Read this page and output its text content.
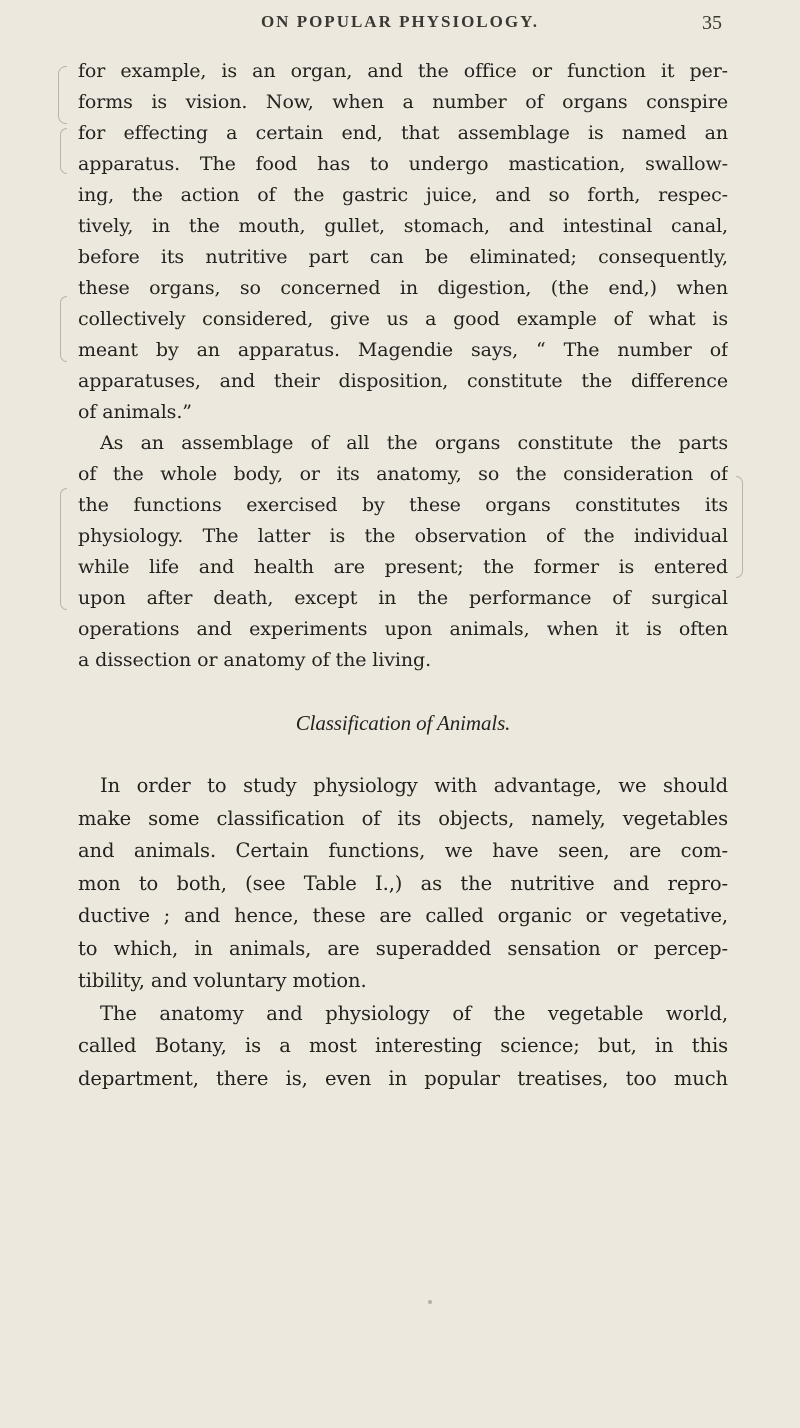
ON POPULAR PHYSIOLOGY.	35
for example, is an organ, and the office or function it per-
forms is vision. Now, when a number of organs conspire
for effecting a certain end, that assemblage is named an
apparatus. The food has to undergo mastication, swallow-
ing, the action of the gastric juice, and so forth, respec-
tively, in the mouth, gullet, stomach, and intestinal canal,
before its nutritive part can be eliminated; consequently,
these organs, so concerned in digestion, (the end,) when
collectively considered, give us a good example of what is
meant by an apparatus. Magendie says, “ The number of
apparatuses, and their disposition, constitute the difference
of animals.”
As an assemblage of all the organs constitute the parts
of the whole body, or its anatomy, so the consideration of
the functions exercised by these organs constitutes its
physiology. The latter is the observation of the individual
while life and health are present; the former is entered
upon after death, except in the performance of surgical
operations and experiments upon animals, when it is often
a dissection or anatomy of the living.
Classification of Animals.
In order to study physiology with advantage, we should
make some classification of its objects, namely, vegetables
and animals. Certain functions, we have seen, are com-
mon to both, (see Table I.,) as the nutritive and repro-
ductive ; and hence, these are called organic or vegetative,
to which, in animals, are superadded sensation or percep-
tibility, and voluntary motion.
The anatomy and physiology of the vegetable world,
called Botany, is a most interesting science; but, in this
department, there is, even in popular treatises, too much
